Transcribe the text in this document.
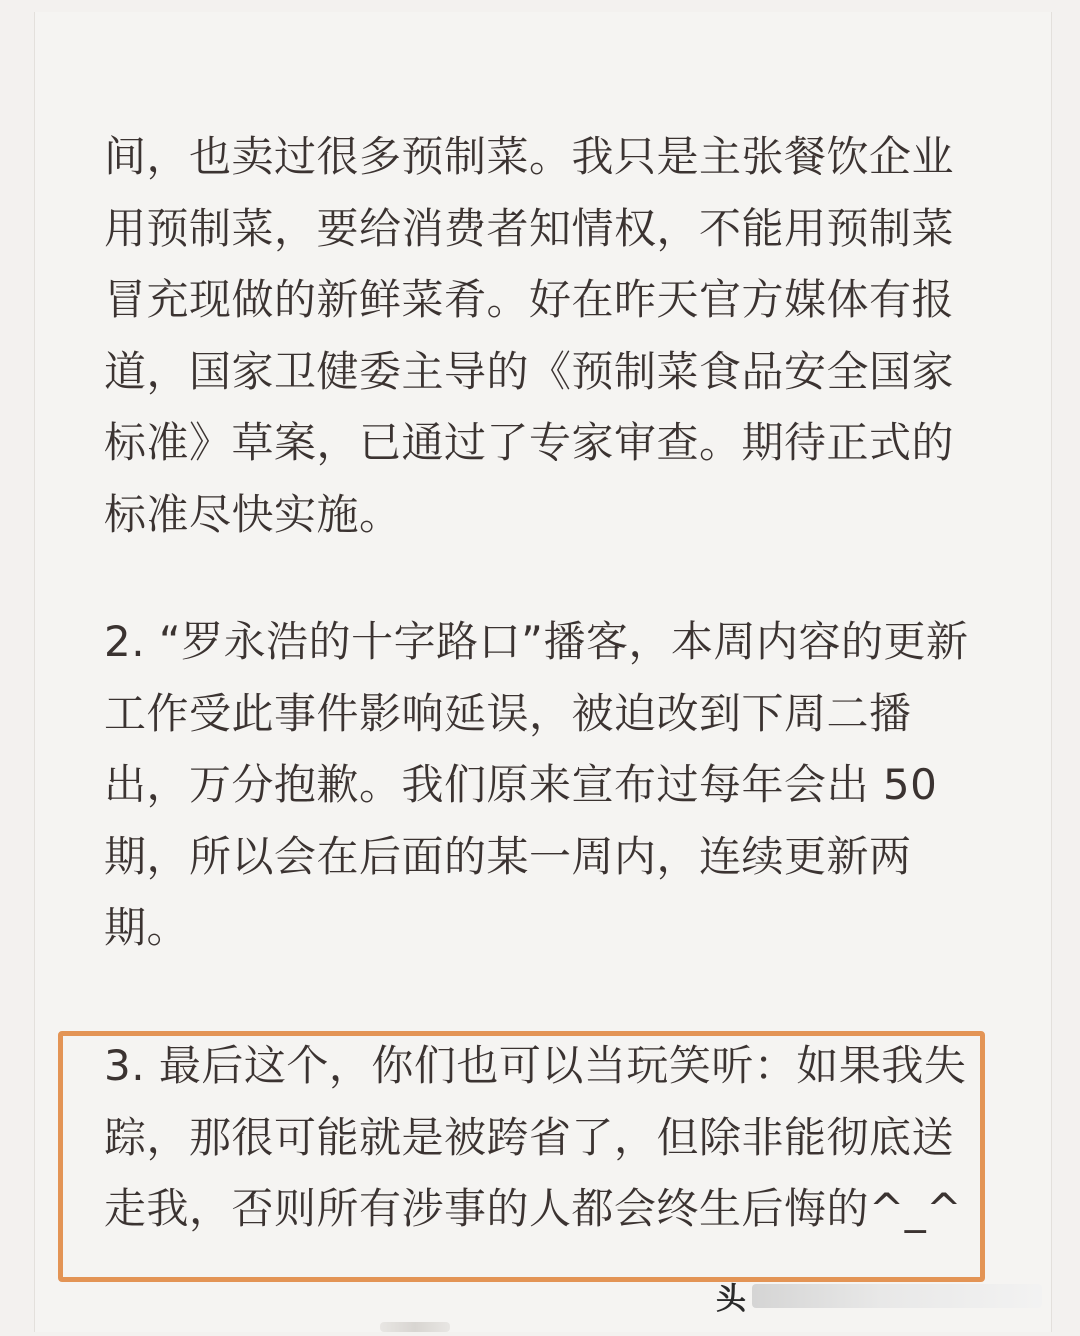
间，也卖过很多预制菜。我只是主张餐饮企业
用预制菜，要给消费者知情权，不能用预制菜
冒充现做的新鲜菜肴。好在昨天官方媒体有报
道，国家卫健委主导的《预制菜食品安全国家
标准》草案，已通过了专家审查。期待正式的
标准尽快实施。
2. “罗永浩的十字路口”播客，本周内容的更新
工作受此事件影响延误，被迫改到下周二播
出，万分抱歉。我们原来宣布过每年会出 50
期，所以会在后面的某一周内，连续更新两
期。
3. 最后这个，你们也可以当玩笑听：如果我失
踪，那很可能就是被跨省了，但除非能彻底送
走我，否则所有涉事的人都会终生后悔的^_^
头
